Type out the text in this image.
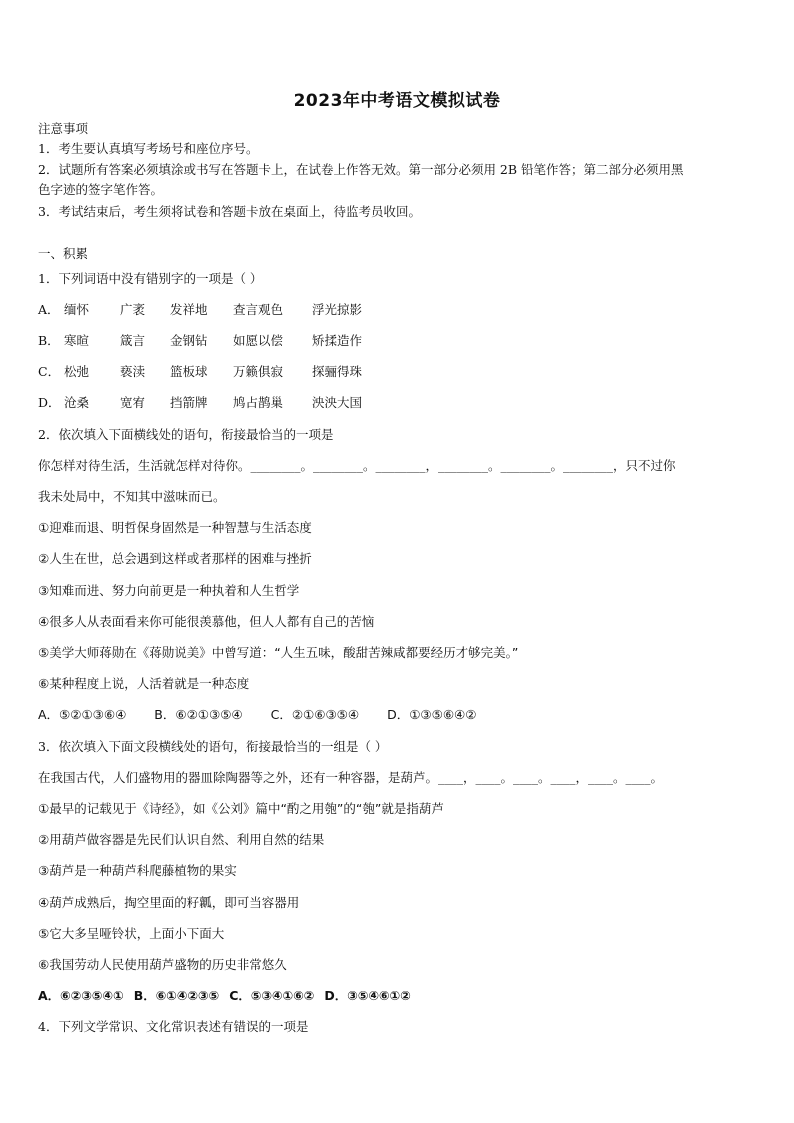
2023年中考语文模拟试卷
注意事项
1．考生要认真填写考场号和座位序号。
2．试题所有答案必须填涂或书写在答题卡上，在试卷上作答无效。第一部分必须用 2B 铅笔作答；第二部分必须用黑
色字迹的签字笔作答。
3．考试结束后，考生须将试卷和答题卡放在桌面上，待监考员收回。
一、积累
1．下列词语中没有错别字的一项是（ ）
A． 缅怀 广袤 发祥地 查言观色 浮光掠影
B． 寒暄 箴言 金钢钻 如愿以偿 矫揉造作
C． 松弛 亵渎 篮板球 万籁俱寂 探骊得珠
D． 沧桑 宽宥 挡箭牌 鸠占鹊巢 泱泱大国
2．依次填入下面横线处的语句，衔接最恰当的一项是
你怎样对待生活，生活就怎样对待你。________。________。________，________。________。________，只不过你
我未处局中，不知其中滋味而已。
①迎难而退、明哲保身固然是一种智慧与生活态度
②人生在世，总会遇到这样或者那样的困难与挫折
③知难而进、努力向前更是一种执着和人生哲学
④很多人从表面看来你可能很羡慕他，但人人都有自己的苦恼
⑤美学大师蒋勋在《蒋勋说美》中曾写道：“人生五味，酸甜苦辣咸都要经历才够完美。”
⑥某种程度上说，人活着就是一种态度
A．⑤②①③⑥④ B．⑥②①③⑤④ C．②①⑥③⑤④ D．①③⑤⑥④②
3．依次填入下面文段横线处的语句，衔接最恰当的一组是（ ）
在我国古代，人们盛物用的器皿除陶器等之外，还有一种容器，是葫芦。____，____。____。____，____。____。
①最早的记载见于《诗经》，如《公刘》篇中“酌之用匏”的“匏”就是指葫芦
②用葫芦做容器是先民们认识自然、利用自然的结果
③葫芦是一种葫芦科爬藤植物的果实
④葫芦成熟后，掏空里面的籽瓤，即可当容器用
⑤它大多呈哑铃状，上面小下面大
⑥我国劳动人民使用葫芦盛物的历史非常悠久
A．⑥②③⑤④① B．⑥①④②③⑤ C．⑤③④①⑥② D．③⑤④⑥①②
4．下列文学常识、文化常识表述有错误的一项是
